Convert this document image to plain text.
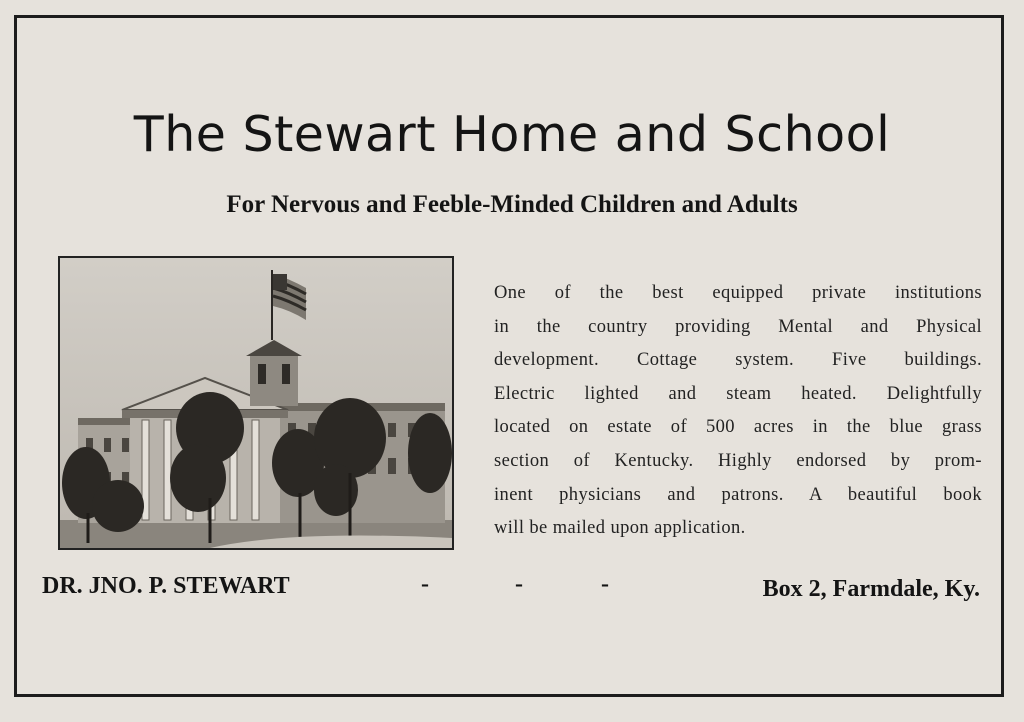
The Stewart Home and School
For Nervous and Feeble-Minded Children and Adults
One of the best equipped private institutions
in the country providing Mental and Physical
development. Cottage system. Five buildings.
Electric lighted and steam heated. Delightfully
located on estate of 500 acres in the blue grass
section of Kentucky. Highly endorsed by prom-
inent physicians and patrons. A beautiful book
will be mailed upon application.
DR. JNO. P. STEWART	-	-	-	Box 2, Farmdale, Ky.
